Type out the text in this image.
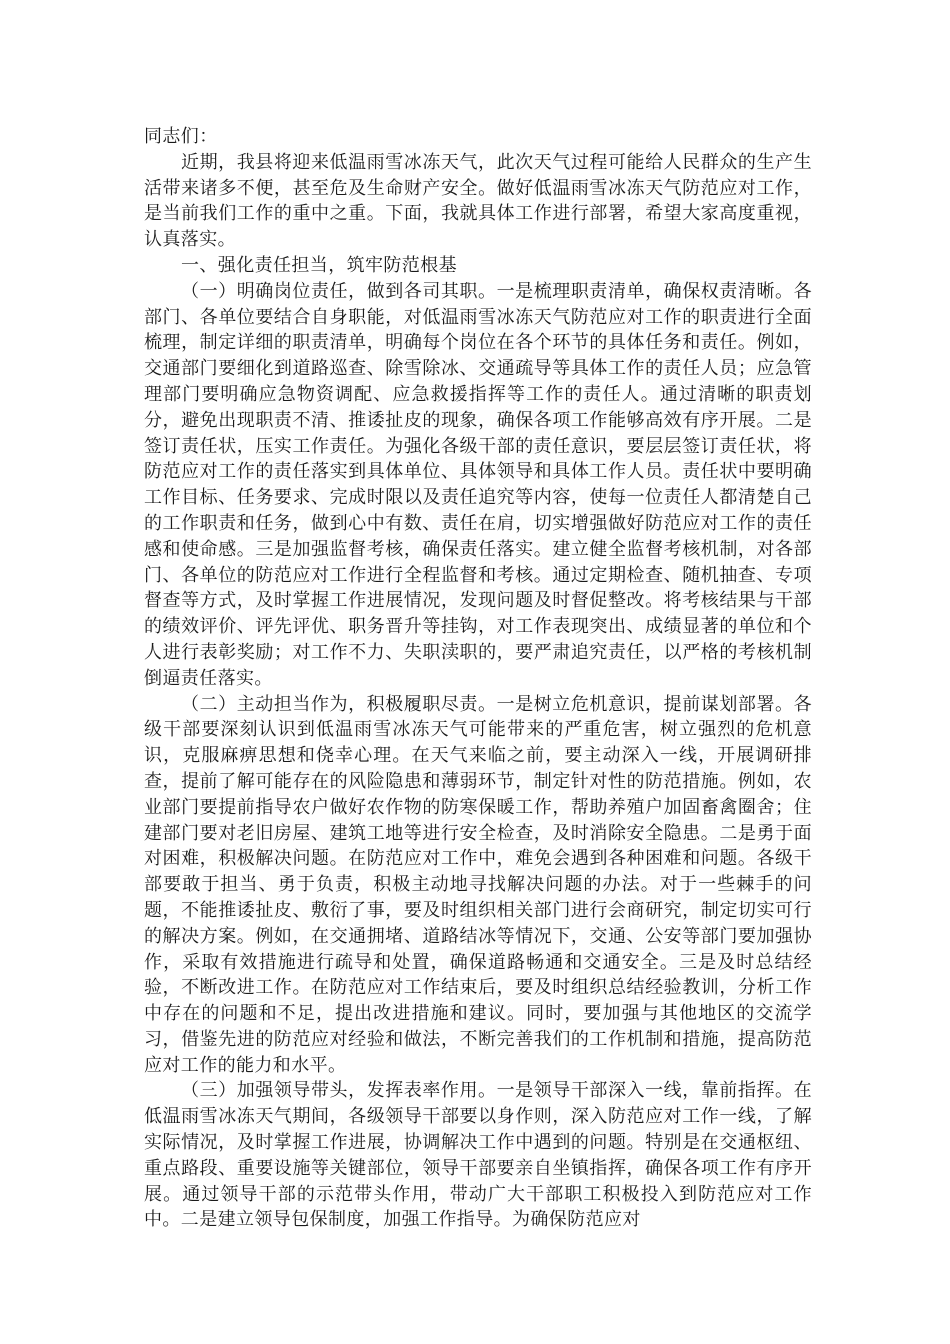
同志们：

近期，我县将迎来低温雨雪冰冻天气，此次天气过程可能给人民群众的生产生活带来诸多不便，甚至危及生命财产安全。做好低温雨雪冰冻天气防范应对工作，是当前我们工作的重中之重。下面，我就具体工作进行部署，希望大家高度重视，认真落实。

一、强化责任担当，筑牢防范根基

（一）明确岗位责任，做到各司其职。一是梳理职责清单，确保权责清晰。各部门、各单位要结合自身职能，对低温雨雪冰冻天气防范应对工作的职责进行全面梳理，制定详细的职责清单，明确每个岗位在各个环节的具体任务和责任。例如，交通部门要细化到道路巡查、除雪除冰、交通疏导等具体工作的责任人员；应急管理部门要明确应急物资调配、应急救援指挥等工作的责任人。通过清晰的职责划分，避免出现职责不清、推诿扯皮的现象，确保各项工作能够高效有序开展。二是签订责任状，压实工作责任。为强化各级干部的责任意识，要层层签订责任状，将防范应对工作的责任落实到具体单位、具体领导和具体工作人员。责任状中要明确工作目标、任务要求、完成时限以及责任追究等内容，使每一位责任人都清楚自己的工作职责和任务，做到心中有数、责任在肩，切实增强做好防范应对工作的责任感和使命感。三是加强监督考核，确保责任落实。建立健全监督考核机制，对各部门、各单位的防范应对工作进行全程监督和考核。通过定期检查、随机抽查、专项督查等方式，及时掌握工作进展情况，发现问题及时督促整改。将考核结果与干部的绩效评价、评先评优、职务晋升等挂钩，对工作表现突出、成绩显著的单位和个人进行表彰奖励；对工作不力、失职渎职的，要严肃追究责任，以严格的考核机制倒逼责任落实。

（二）主动担当作为，积极履职尽责。一是树立危机意识，提前谋划部署。各级干部要深刻认识到低温雨雪冰冻天气可能带来的严重危害，树立强烈的危机意识，克服麻痹思想和侥幸心理。在天气来临之前，要主动深入一线，开展调研排查，提前了解可能存在的风险隐患和薄弱环节，制定针对性的防范措施。例如，农业部门要提前指导农户做好农作物的防寒保暖工作，帮助养殖户加固畜禽圈舍；住建部门要对老旧房屋、建筑工地等进行安全检查，及时消除安全隐患。二是勇于面对困难，积极解决问题。在防范应对工作中，难免会遇到各种困难和问题。各级干部要敢于担当、勇于负责，积极主动地寻找解决问题的办法。对于一些棘手的问题，不能推诿扯皮、敷衍了事，要及时组织相关部门进行会商研究，制定切实可行的解决方案。例如，在交通拥堵、道路结冰等情况下，交通、公安等部门要加强协作，采取有效措施进行疏导和处置，确保道路畅通和交通安全。三是及时总结经验，不断改进工作。在防范应对工作结束后，要及时组织总结经验教训，分析工作中存在的问题和不足，提出改进措施和建议。同时，要加强与其他地区的交流学习，借鉴先进的防范应对经验和做法，不断完善我们的工作机制和措施，提高防范应对工作的能力和水平。

（三）加强领导带头，发挥表率作用。一是领导干部深入一线，靠前指挥。在低温雨雪冰冻天气期间，各级领导干部要以身作则，深入防范应对工作一线，了解实际情况，及时掌握工作进展，协调解决工作中遇到的问题。特别是在交通枢纽、重点路段、重要设施等关键部位，领导干部要亲自坐镇指挥，确保各项工作有序开展。通过领导干部的示范带头作用，带动广大干部职工积极投入到防范应对工作中。二是建立领导包保制度，加强工作指导。为确保防范应对
